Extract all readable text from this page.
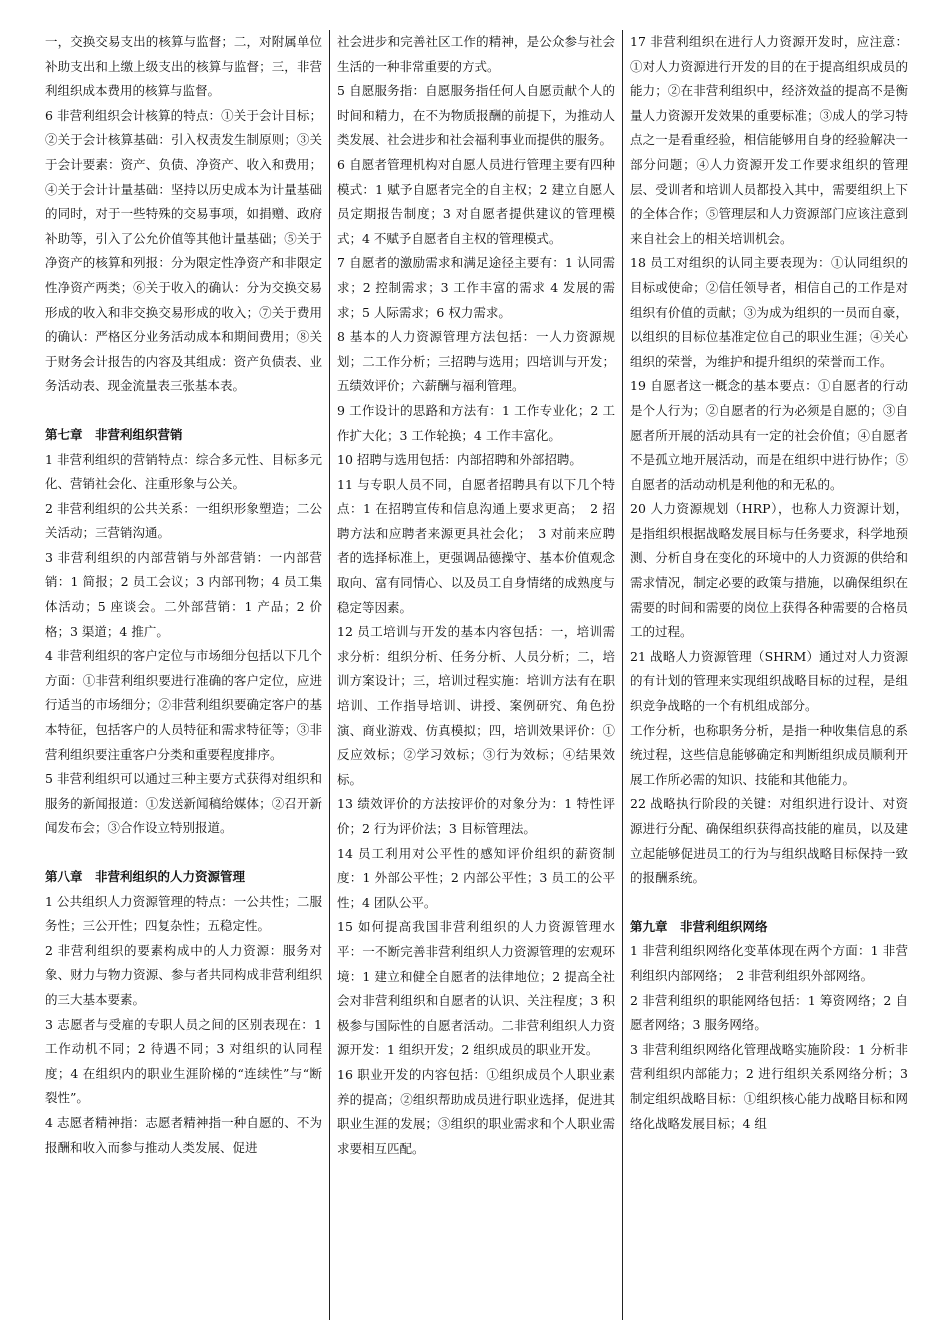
一，交换交易支出的核算与监督；二，对附属单位补助支出和上缴上级支出的核算与监督；三，非营利组织成本费用的核算与监督。

6 非营利组织会计核算的特点：①关于会计目标；②关于会计核算基础：引入权责发生制原则；③关于会计要素：资产、负债、净资产、收入和费用；④关于会计计量基础：坚持以历史成本为计量基础的同时，对于一些特殊的交易事项，如捐赠、政府补助等，引入了公允价值等其他计量基础；⑤关于净资产的核算和列报：分为限定性净资产和非限定性净资产两类；⑥关于收入的确认：分为交换交易形成的收入和非交换交易形成的收入；⑦关于费用的确认：严格区分业务活动成本和期间费用；⑧关于财务会计报告的内容及其组成：资产负债表、业务活动表、现金流量表三张基本表。

第七章　非营利组织营销

1 非营利组织的营销特点：综合多元性、目标多元化、营销社会化、注重形象与公关。

2 非营利组织的公共关系：一组织形象塑造；二公关活动；三营销沟通。

3 非营利组织的内部营销与外部营销：一内部营销：1 简报；2 员工会议；3 内部刊物；4 员工集体活动；5 座谈会。二外部营销：1 产品；2 价格；3 渠道；4 推广。

4 非营利组织的客户定位与市场细分包括以下几个方面：①非营利组织要进行准确的客户定位，应进行适当的市场细分；②非营利组织要确定客户的基本特征，包括客户的人员特征和需求特征等；③非营利组织要注重客户分类和重要程度排序。

5 非营利组织可以通过三种主要方式获得对组织和服务的新闻报道：①发送新闻稿给媒体；②召开新闻发布会；③合作设立特别报道。

第八章　非营利组织的人力资源管理

1 公共组织人力资源管理的特点：一公共性；二服务性；三公开性；四复杂性；五稳定性。

2 非营利组织的要素构成中的人力资源：服务对象、财力与物力资源、参与者共同构成非营利组织的三大基本要素。

3 志愿者与受雇的专职人员之间的区别表现在：1 工作动机不同；2 待遇不同；3 对组织的认同程度；4 在组织内的职业生涯阶梯的“连续性”与“断裂性”。

4 志愿者精神指：志愿者精神指一种自愿的、不为报酬和收入而参与推动人类发展、促进

社会进步和完善社区工作的精神，是公众参与社会生活的一种非常重要的方式。

5 自愿服务指：自愿服务指任何人自愿贡献个人的时间和精力，在不为物质报酬的前提下，为推动人类发展、社会进步和社会福利事业而提供的服务。

6 自愿者管理机构对自愿人员进行管理主要有四种模式：1 赋予自愿者完全的自主权；2 建立自愿人员定期报告制度；3 对自愿者提供建议的管理模式；4 不赋予自愿者自主权的管理模式。

7 自愿者的激励需求和满足途径主要有：1 认同需求；2 控制需求；3 工作丰富的需求 4 发展的需求；5 人际需求；6 权力需求。

8 基本的人力资源管理方法包括：一人力资源规划；二工作分析；三招聘与选用；四培训与开发；五绩效评价；六薪酬与福利管理。

9 工作设计的思路和方法有：1 工作专业化；2 工作扩大化；3 工作轮换；4 工作丰富化。

10 招聘与选用包括：内部招聘和外部招聘。

11 与专职人员不同，自愿者招聘具有以下几个特点：1 在招聘宣传和信息沟通上要求更高；　2 招聘方法和应聘者来源更具社会化；　3 对前来应聘者的选择标准上，更强调品德操守、基本价值观念取向、富有同情心、以及员工自身情绪的成熟度与稳定等因素。

12 员工培训与开发的基本内容包括：一，培训需求分析：组织分析、任务分析、人员分析；二，培训方案设计；三，培训过程实施：培训方法有在职培训、工作指导培训、讲授、案例研究、角色扮演、商业游戏、仿真模拟；四，培训效果评价：①反应效标；②学习效标；③行为效标；④结果效标。

13 绩效评价的方法按评价的对象分为：1 特性评价；2 行为评价法；3 目标管理法。

14 员工利用对公平性的感知评价组织的薪资制度：1 外部公平性；2 内部公平性；3 员工的公平性；4 团队公平。

15 如何提高我国非营利组织的人力资源管理水平：一不断完善非营利组织人力资源管理的宏观环境：1 建立和健全自愿者的法律地位；2 提高全社会对非营利组织和自愿者的认识、关注程度；3 积极参与国际性的自愿者活动。二非营利组织人力资源开发：1 组织开发；2 组织成员的职业开发。

16 职业开发的内容包括：①组织成员个人职业素养的提高；②组织帮助成员进行职业选择，促进其职业生涯的发展；③组织的职业需求和个人职业需求要相互匹配。

17 非营利组织在进行人力资源开发时，应注意：①对人力资源进行开发的目的在于提高组织成员的能力；②在非营利组织中，经济效益的提高不是衡量人力资源开发效果的重要标准；③成人的学习特点之一是看重经验，相信能够用自身的经验解决一部分问题；④人力资源开发工作要求组织的管理层、受训者和培训人员都投入其中，需要组织上下的全体合作；⑤管理层和人力资源部门应该注意到来自社会上的相关培训机会。

18 员工对组织的认同主要表现为：①认同组织的目标或使命；②信任领导者，相信自己的工作是对组织有价值的贡献；③为成为组织的一员而自豪，以组织的目标位基准定位自己的职业生涯；④关心组织的荣誉，为维护和提升组织的荣誉而工作。

19 自愿者这一概念的基本要点：①自愿者的行动是个人行为；②自愿者的行为必须是自愿的；③自愿者所开展的活动具有一定的社会价值；④自愿者不是孤立地开展活动，而是在组织中进行协作；⑤自愿者的活动动机是利他的和无私的。

20 人力资源规划（HRP），也称人力资源计划，是指组织根据战略发展目标与任务要求，科学地预测、分析自身在变化的环境中的人力资源的供给和需求情况，制定必要的政策与措施，以确保组织在需要的时间和需要的岗位上获得各种需要的合格员工的过程。

21 战略人力资源管理（SHRM）通过对人力资源的有计划的管理来实现组织战略目标的过程，是组织竞争战略的一个有机组成部分。

工作分析，也称职务分析，是指一种收集信息的系统过程，这些信息能够确定和判断组织成员顺利开展工作所必需的知识、技能和其他能力。

22 战略执行阶段的关键：对组织进行设计、对资源进行分配、确保组织获得高技能的雇员，以及建立起能够促进员工的行为与组织战略目标保持一致的报酬系统。

第九章　非营利组织网络

1 非营利组织网络化变革体现在两个方面：1 非营利组织内部网络；　2 非营利组织外部网络。

2 非营利组织的职能网络包括：1 筹资网络；2 自愿者网络；3 服务网络。

3 非营利组织网络化管理战略实施阶段：1 分析非营利组织内部能力；2 进行组织关系网络分析；3 制定组织战略目标：①组织核心能力战略目标和网络化战略发展目标；4 组
